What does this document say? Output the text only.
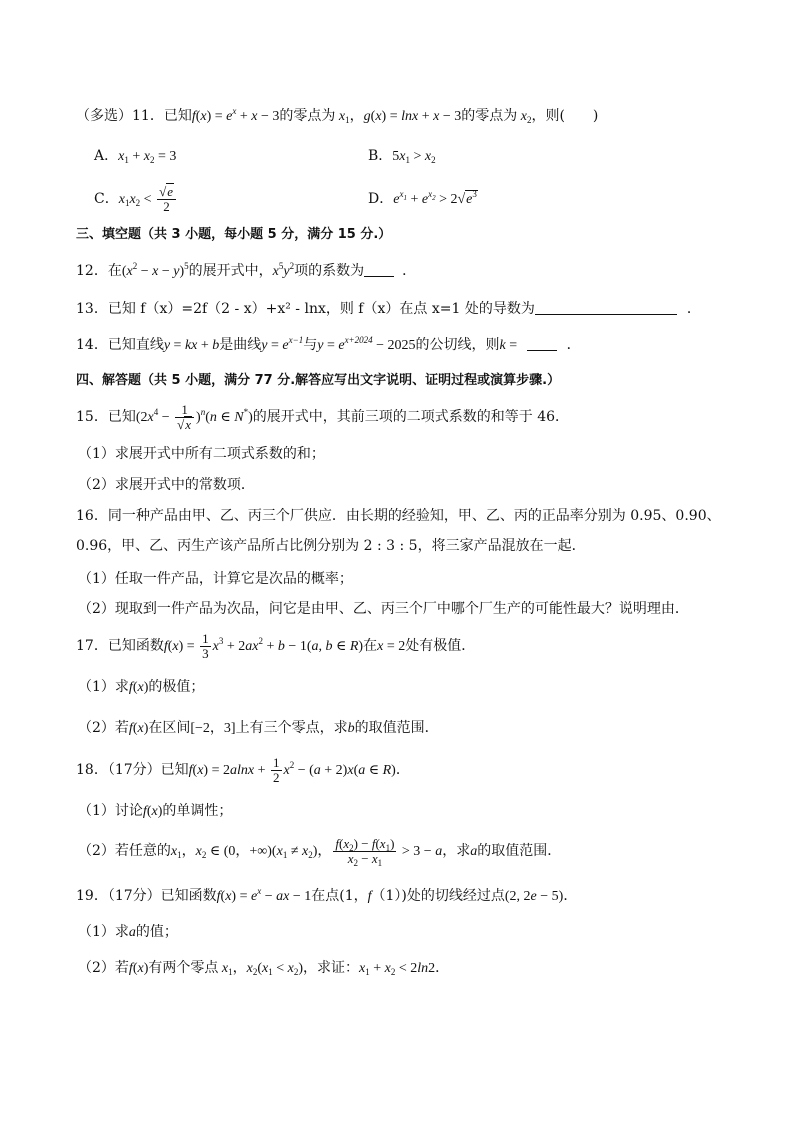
（多选）11．已知$f(x) = e^x + x - 3$的零点为 $x_1$，g(x) = lnx + x − 3的零点为 $x_2$，则(　　)
A．$x_1 + x_2 = 3$	B．$5x_1 > x_2$
C．$x_1x_2 < \frac{√e}{2}$	D．$e^{x_1} + e^{x_2} > 2√e^3$
三、填空题（共 3 小题，每小题 5 分，满分 15 分.）
12．在$(x^2 - x - y)^5$的展开式中，$x^5y^2$项的系数为	．
13．已知 f（x）=2f（2 - x）+x² - lnx，则 f（x）在点 x=1 处的导数为	．
14．已知直线y = kx + b是曲线$y = e^{x-1}$与$y = e^{x+2024} - 2025$的公切线，则k =	．
四、解答题（共 5 小题，满分 77 分.解答应写出文字说明、证明过程或演算步骤.）
15．已知$(2x^4 - \frac{1}{√x} )^n(n$ ∈ N*)的展开式中，其前三项的二项式系数的和等于 46．
（1）求展开式中所有二项式系数的和；
（2）求展开式中的常数项．
16．同一种产品由甲、乙、丙三个厂供应．由长期的经验知，甲、乙、丙的正品率分别为 0.95、0.90、
0.96，甲、乙、丙生产该产品所占比例分别为 2 : 3 : 5，将三家产品混放在一起．
（1）任取一件产品，计算它是次品的概率；
（2）现取到一件产品为次品，问它是由甲、乙、丙三个厂中哪个厂生产的可能性最大？说明理由．
17．已知函数$f(x) = \frac{1}{3} x^3 + 2ax^2 + b - 1(a$, b ∈ R)在x = 2处有极值．
（1）求f(x)的极值；
（2）若f(x)在区间[−2，3]上有三个零点，求b的取值范围．
18．（17分）已知$f(x) = 2alnx + \frac{1}{2} x^2 - (a + 2)x(a$ ∈ R)．
（1）讨论f(x)的单调性；
（2）若任意的$x_1$，$x_2$ ∈ (0，$+\infty)(x_1 \ne x_2)$， $\frac{f(x_2) - f(x_1)}{x_2 - x_1} > 3 - a$，求a的取值范围．
19．（17分）已知函数$f(x) = e^x$ − ax − 1在点(1，f（1）)处的切线经过点(2, 2e − 5)．
（1）求a的值；
（2）若f(x)有两个零点 $x_1$，$x_2(x_1 < x_2)$，求证：$x_1 + x_2 < 2\ln 2$．
